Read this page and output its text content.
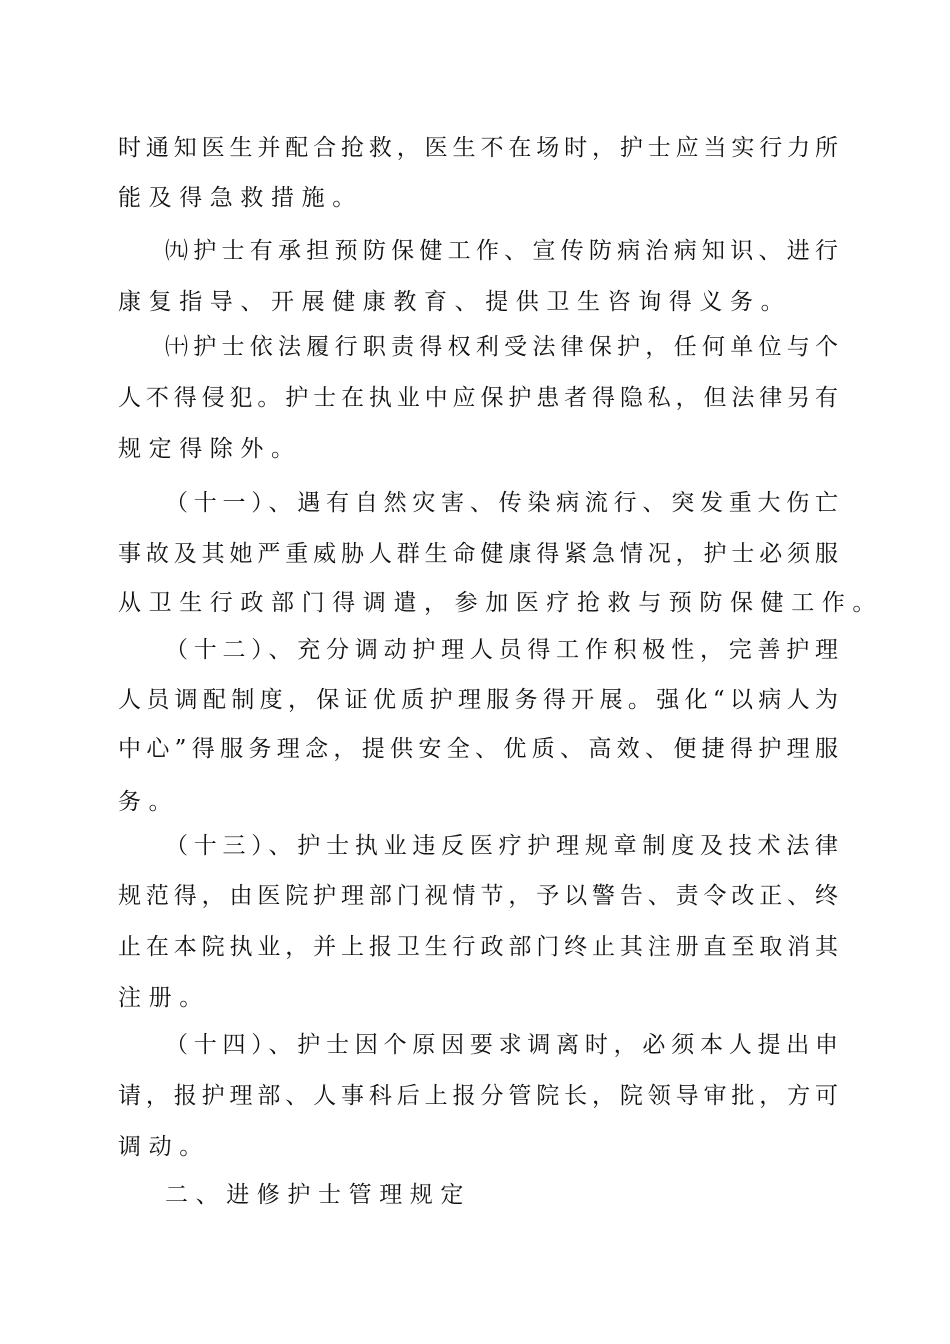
时通知医生并配合抢救，医生不在场时，护士应当实行力所
能及得急救措施。
㈨护士有承担预防保健工作、宣传防病治病知识、进行
康复指导、开展健康教育、提供卫生咨询得义务。
㈩护士依法履行职责得权利受法律保护，任何单位与个
人不得侵犯。护士在执业中应保护患者得隐私，但法律另有
规定得除外。
（十一）、遇有自然灾害、传染病流行、突发重大伤亡
事故及其她严重威胁人群生命健康得紧急情况，护士必须服
从卫生行政部门得调遣，参加医疗抢救与预防保健工作。
（十二）、充分调动护理人员得工作积极性，完善护理
人员调配制度，保证优质护理服务得开展。强化“以病人为
中心”得服务理念，提供安全、优质、高效、便捷得护理服
务。
（十三）、护士执业违反医疗护理规章制度及技术法律
规范得，由医院护理部门视情节，予以警告、责令改正、终
止在本院执业，并上报卫生行政部门终止其注册直至取消其
注册。
（十四）、护士因个原因要求调离时，必须本人提出申
请，报护理部、人事科后上报分管院长，院领导审批，方可
调动。
二、进修护士管理规定
